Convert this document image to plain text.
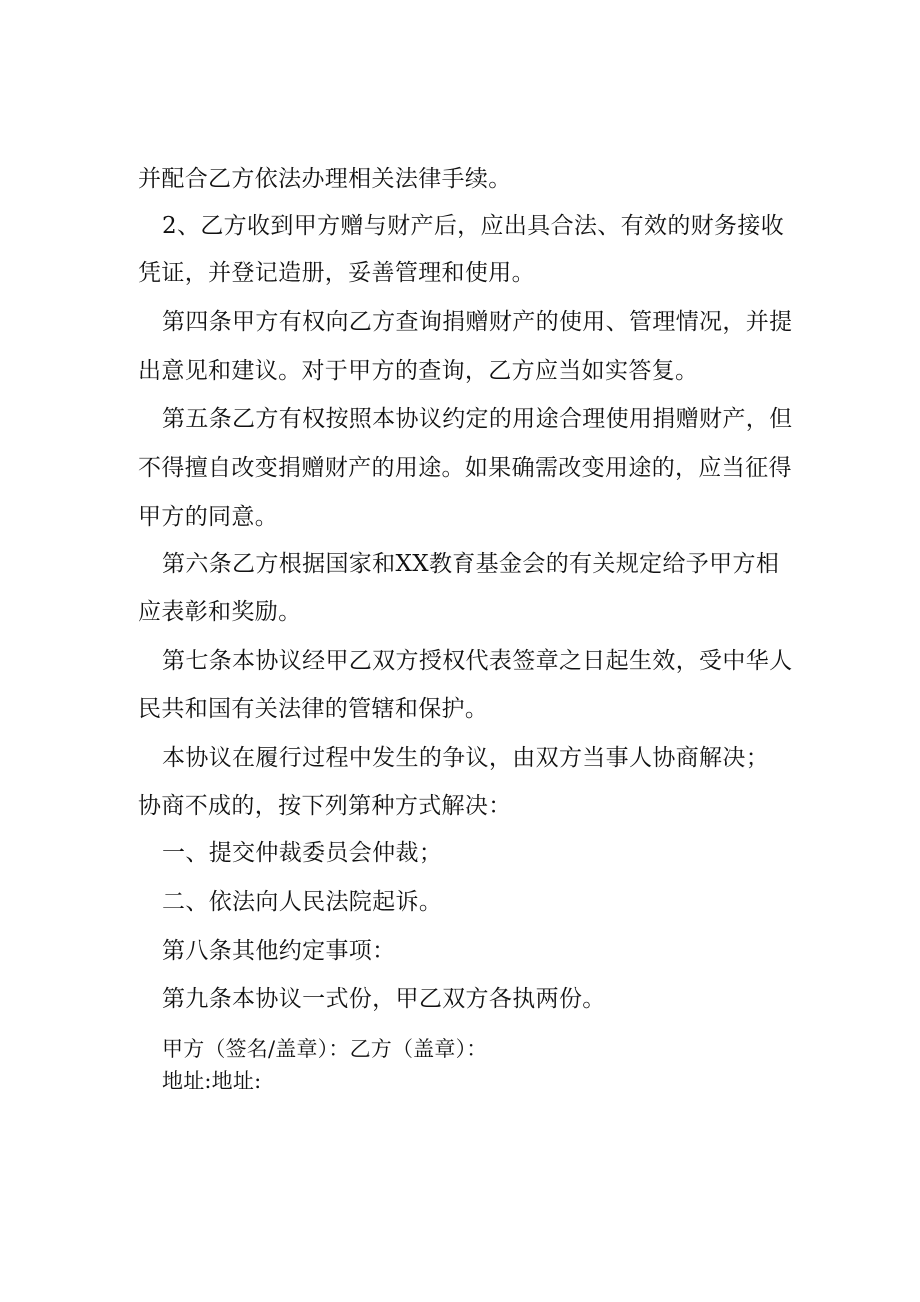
并配合乙方依法办理相关法律手续。
2、乙方收到甲方赠与财产后，应出具合法、有效的财务接收
凭证，并登记造册，妥善管理和使用。
第四条甲方有权向乙方查询捐赠财产的使用、管理情况，并提
出意见和建议。对于甲方的查询，乙方应当如实答复。
第五条乙方有权按照本协议约定的用途合理使用捐赠财产，但
不得擅自改变捐赠财产的用途。如果确需改变用途的，应当征得
甲方的同意。
第六条乙方根据国家和XX教育基金会的有关规定给予甲方相
应表彰和奖励。
第七条本协议经甲乙双方授权代表签章之日起生效，受中华人
民共和国有关法律的管辖和保护。
本协议在履行过程中发生的争议，由双方当事人协商解决；
协商不成的，按下列第种方式解决：
一、提交仲裁委员会仲裁；
二、依法向人民法院起诉。
第八条其他约定事项：
第九条本协议一式份，甲乙双方各执两份。
甲方（签名/盖章）：乙方（盖章）：
地址:地址:
